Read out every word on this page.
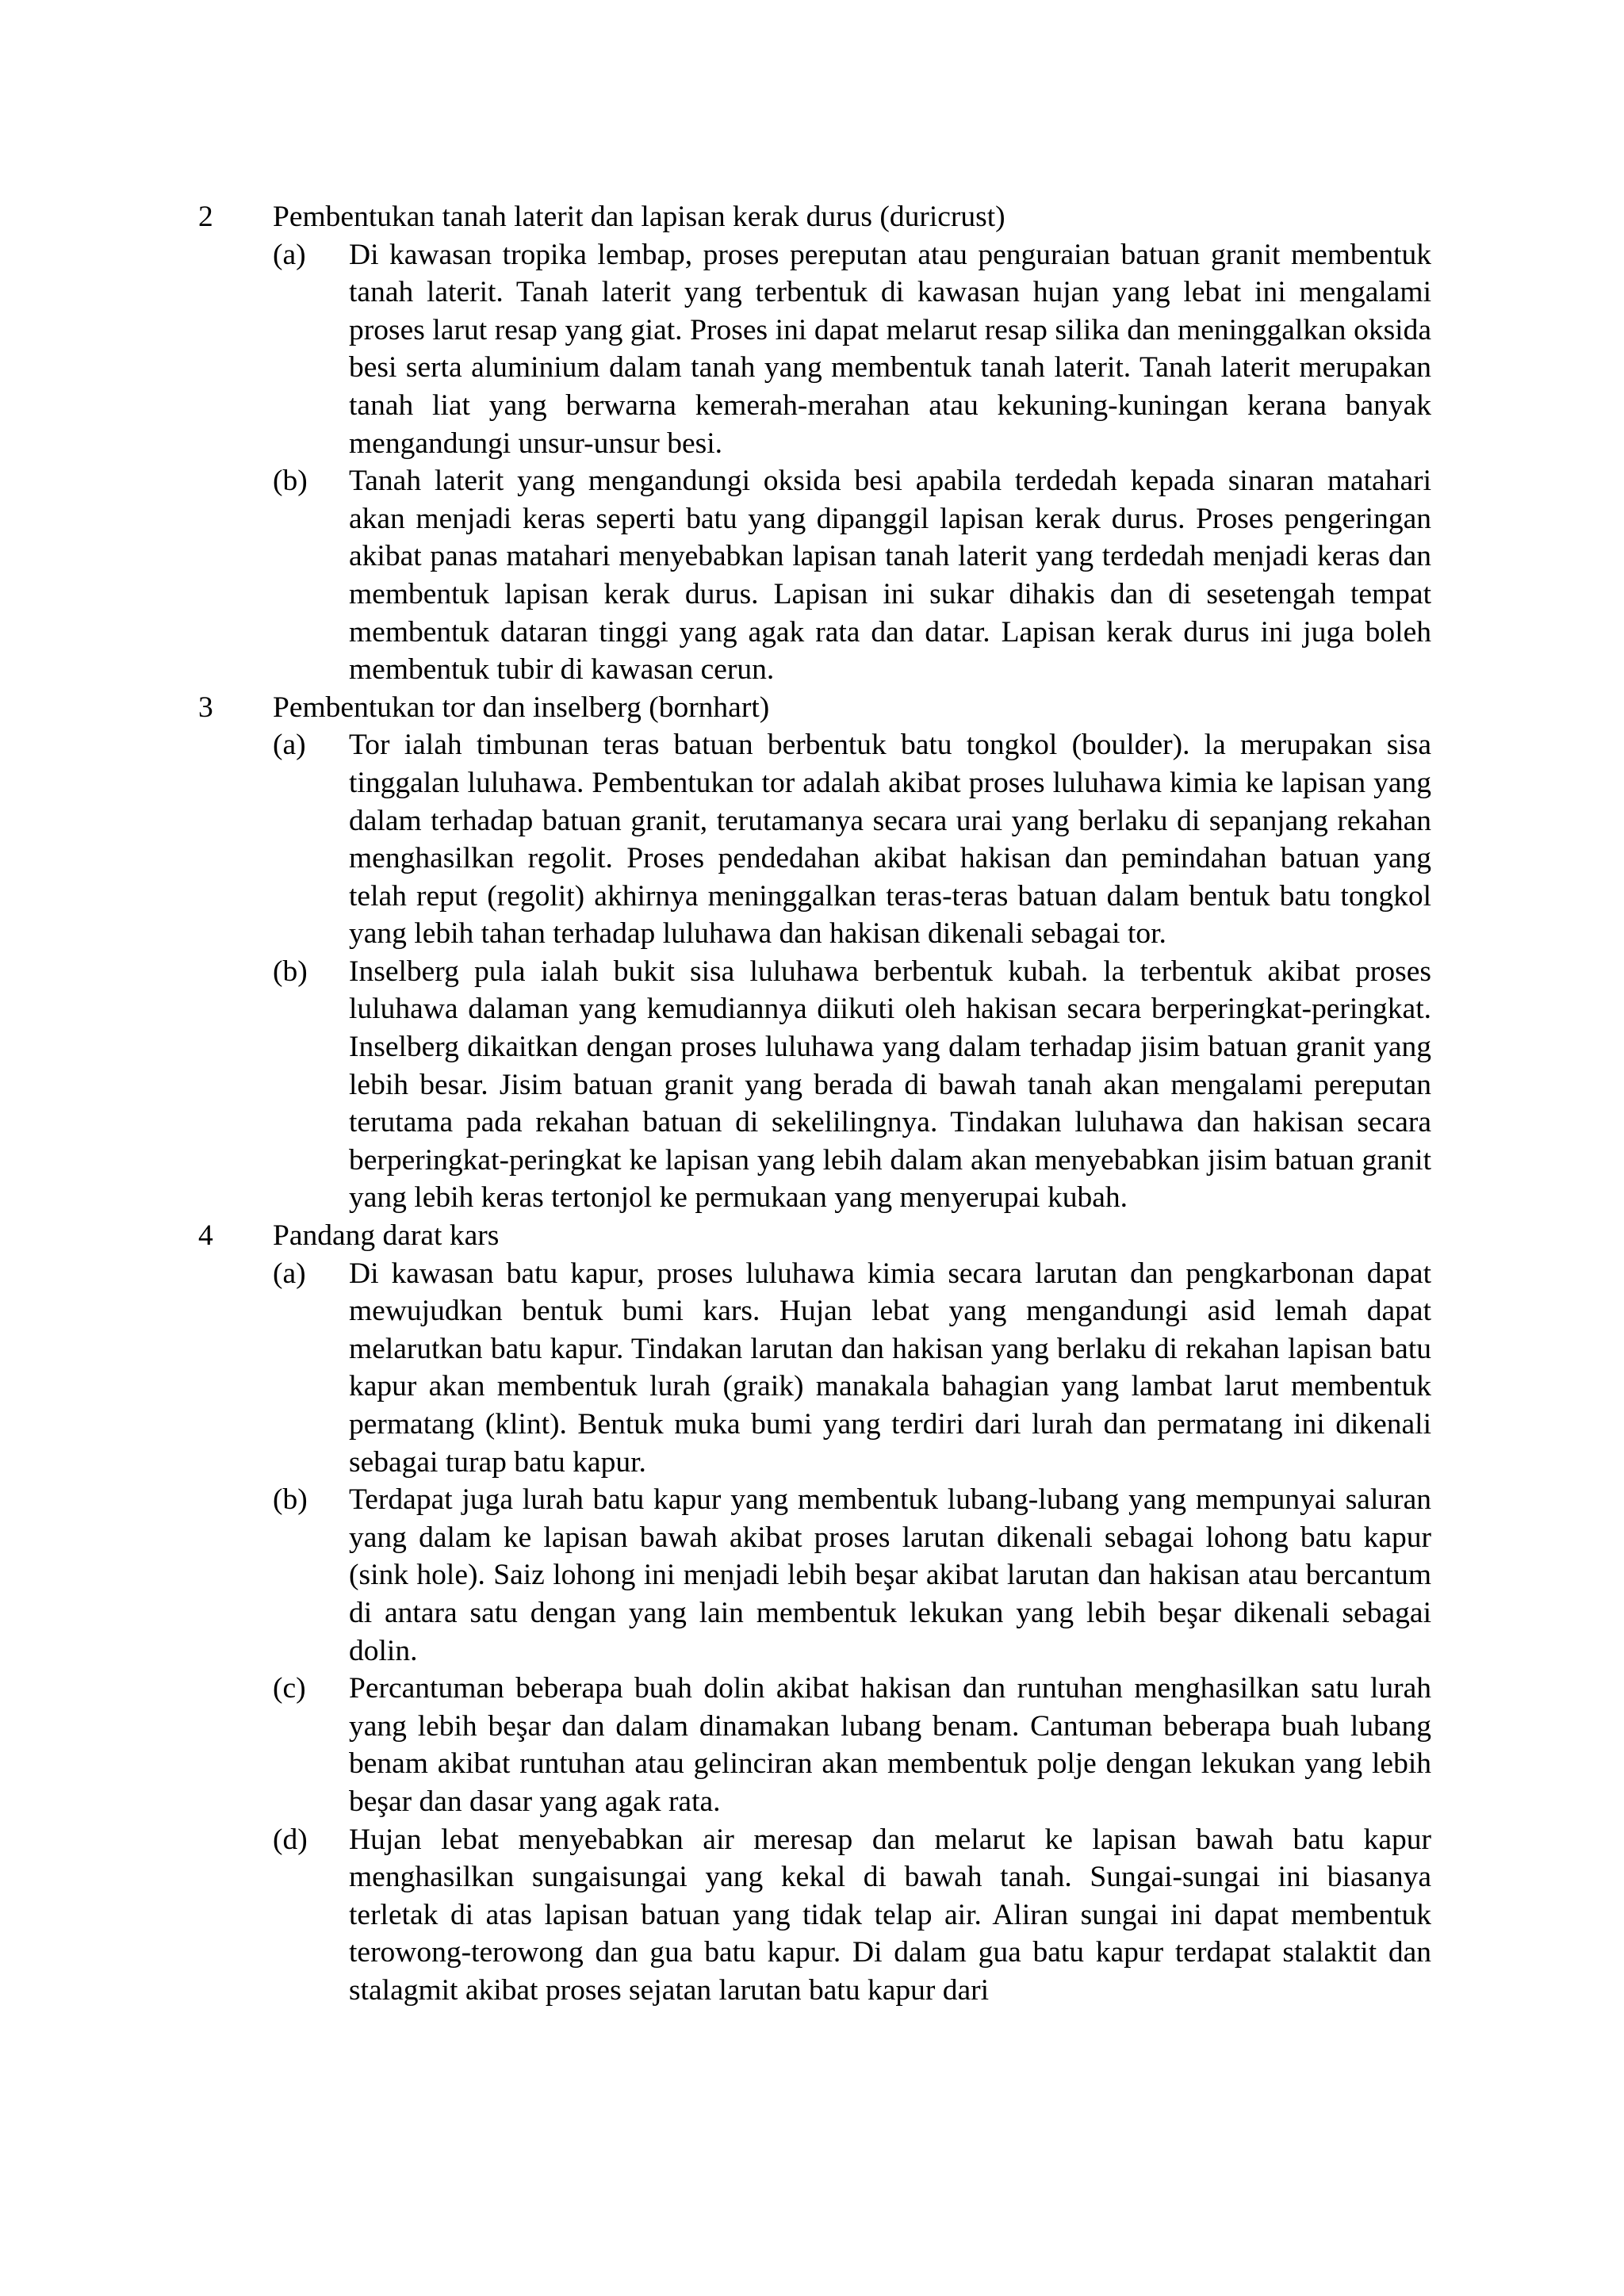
2	Pembentukan tanah laterit dan lapisan kerak durus (duricrust)
(a)	Di kawasan tropika lembap, proses pereputan atau penguraian batuan granit membentuk tanah laterit. Tanah laterit yang terbentuk di kawasan hujan yang lebat ini mengalami proses larut resap yang giat. Proses ini dapat melarut resap silika dan meninggalkan oksida besi serta aluminium dalam tanah yang membentuk tanah laterit. Tanah laterit merupakan tanah liat yang berwarna kemerah-merahan atau kekuning-kuningan kerana banyak mengandungi unsur-unsur besi.
(b)	Tanah laterit yang mengandungi oksida besi apabila terdedah kepada sinaran matahari akan menjadi keras seperti batu yang dipanggil lapisan kerak durus. Proses pengeringan akibat panas matahari menyebabkan lapisan tanah laterit yang terdedah menjadi keras dan membentuk lapisan kerak durus. Lapisan ini sukar dihakis dan di sesetengah tempat membentuk dataran tinggi yang agak rata dan datar. Lapisan kerak durus ini juga boleh membentuk tubir di kawasan cerun.
3	Pembentukan tor dan inselberg (bornhart)
(a)	Tor ialah timbunan teras batuan berbentuk batu tongkol (boulder). la merupakan sisa tinggalan luluhawa. Pembentukan tor adalah akibat proses luluhawa kimia ke lapisan yang dalam terhadap batuan granit, terutamanya secara urai yang berlaku di sepanjang rekahan menghasilkan regolit. Proses pendedahan akibat hakisan dan pemindahan batuan yang telah reput (regolit) akhirnya meninggalkan teras-teras batuan dalam bentuk batu tongkol yang lebih tahan terhadap luluhawa dan hakisan dikenali sebagai tor.
(b)	Inselberg pula ialah bukit sisa luluhawa berbentuk kubah. la terbentuk akibat proses luluhawa dalaman yang kemudiannya diikuti oleh hakisan secara berperingkat-peringkat. Inselberg dikaitkan dengan proses luluhawa yang dalam terhadap jisim batuan granit yang lebih besar. Jisim batuan granit yang berada di bawah tanah akan mengalami pereputan terutama pada rekahan batuan di sekelilingnya. Tindakan luluhawa dan hakisan secara berperingkat-peringkat ke lapisan yang lebih dalam akan menyebabkan jisim batuan granit yang lebih keras tertonjol ke permukaan yang menyerupai kubah.
4	Pandang darat kars
(a)	Di kawasan batu kapur, proses luluhawa kimia secara larutan dan pengkarbonan dapat mewujudkan bentuk bumi kars. Hujan lebat yang mengandungi asid lemah dapat melarutkan batu kapur. Tindakan larutan dan hakisan yang berlaku di rekahan lapisan batu kapur akan membentuk lurah (graik) manakala bahagian yang lambat larut membentuk permatang (klint). Bentuk muka bumi yang terdiri dari lurah dan permatang ini dikenali sebagai turap batu kapur.
(b)	Terdapat juga lurah batu kapur yang membentuk lubang-lubang yang mempunyai saluran yang dalam ke lapisan bawah akibat proses larutan dikenali sebagai lohong batu kapur (sink hole). Saiz lohong ini menjadi lebih beşar akibat larutan dan hakisan atau bercantum di antara satu dengan yang lain membentuk lekukan yang lebih beşar dikenali sebagai dolin.
(c)	Percantuman beberapa buah dolin akibat hakisan dan runtuhan menghasilkan satu lurah yang lebih beşar dan dalam dinamakan lubang benam. Cantuman beberapa buah lubang benam akibat runtuhan atau gelinciran akan membentuk polje dengan lekukan yang lebih beşar dan dasar yang agak rata.
(d)	Hujan lebat menyebabkan air meresap dan melarut ke lapisan bawah batu kapur menghasilkan sungaisungai yang kekal di bawah tanah. Sungai-sungai ini biasanya terletak di atas lapisan batuan yang tidak telap air. Aliran sungai ini dapat membentuk terowong-terowong dan gua batu kapur. Di dalam gua batu kapur terdapat stalaktit dan stalagmit akibat proses sejatan larutan batu kapur dari
